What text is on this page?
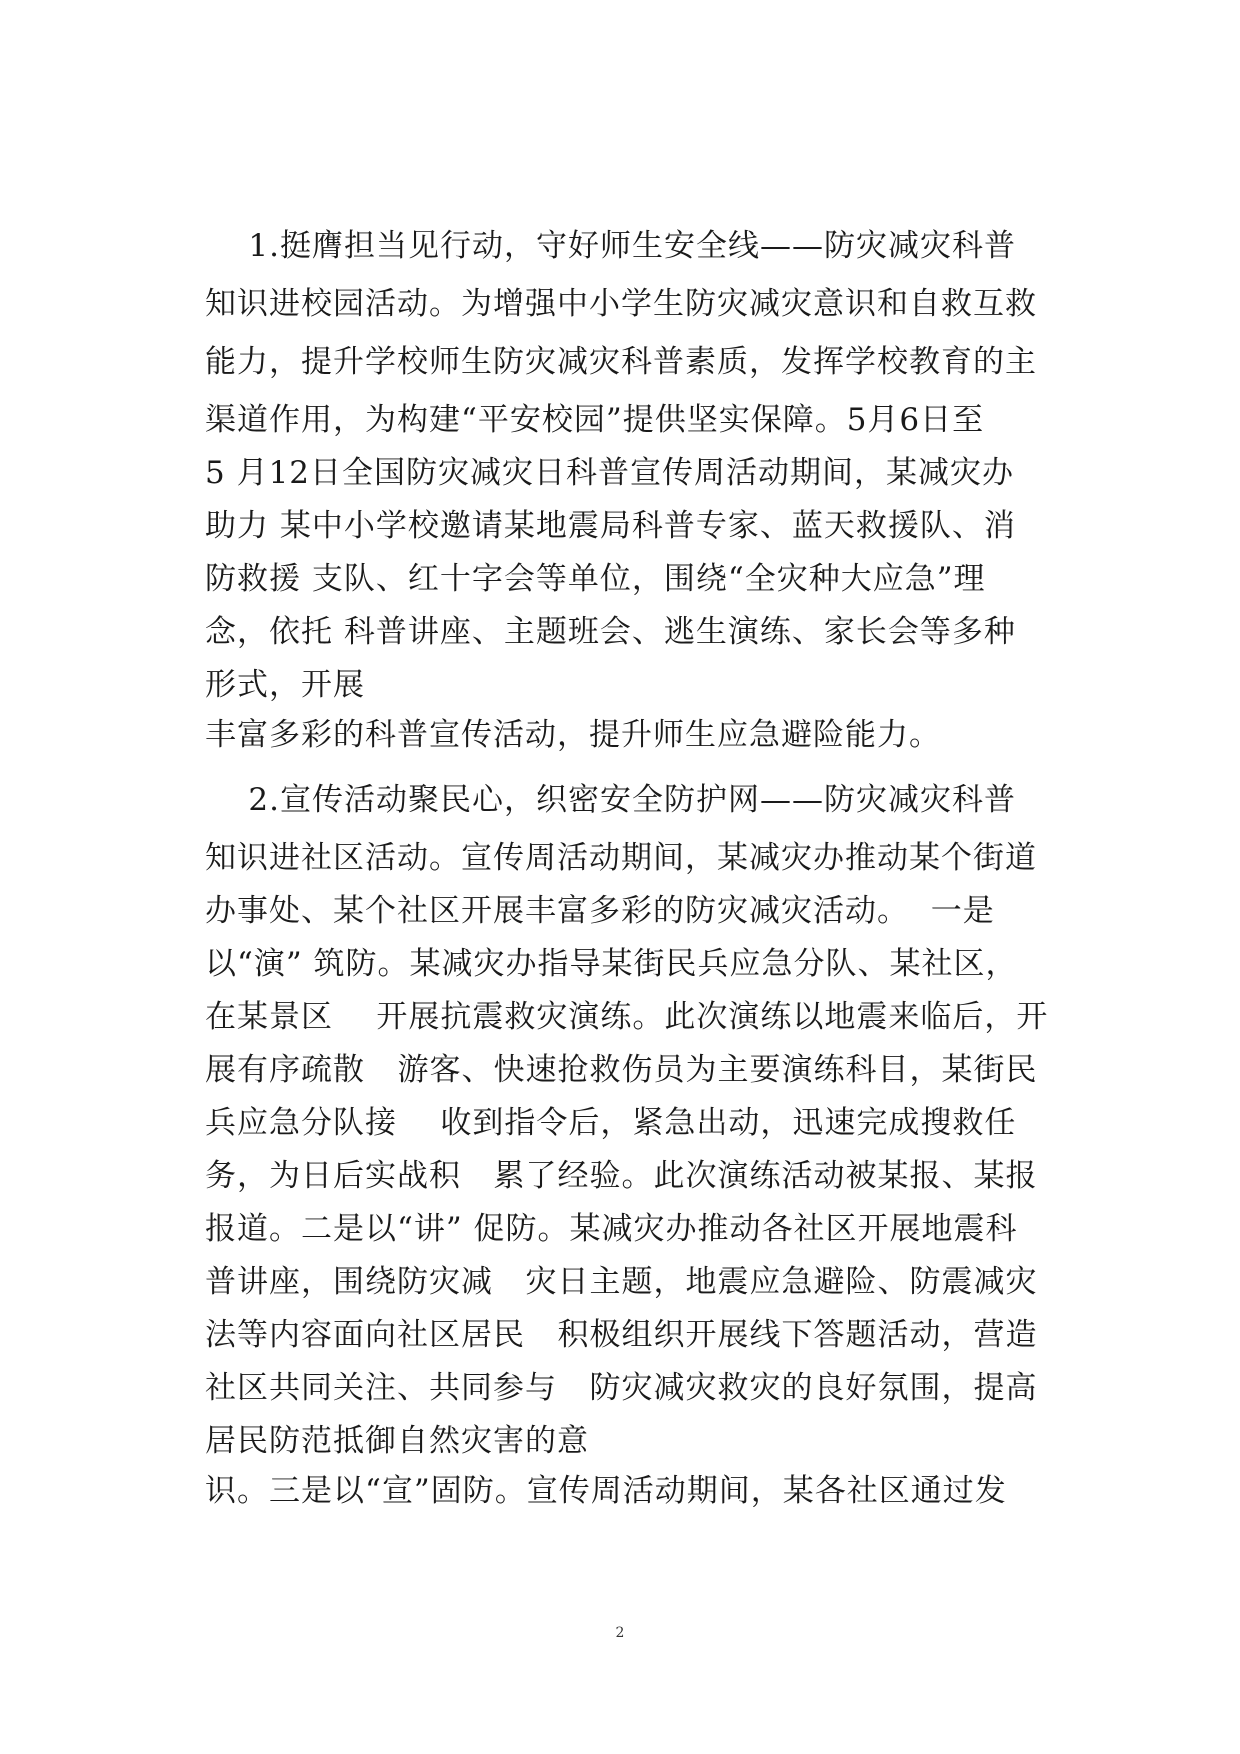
1.挺膺担当见行动，守好师生安全线——防灾减灾科普
知识进校园活动。为增强中小学生防灾减灾意识和自救互救
能力，提升学校师生防灾减灾科普素质，发挥学校教育的主
渠道作用，为构建“平安校园”提供坚实保障。5月6日至
5 月12日全国防灾减灾日科普宣传周活动期间，某减灾办
助力 某中小学校邀请某地震局科普专家、蓝天救援队、消
防救援 支队、红十字会等单位，围绕“全灾种大应急”理
念，依托 科普讲座、主题班会、逃生演练、家长会等多种
形式，开展
丰富多彩的科普宣传活动，提升师生应急避险能力。
2.宣传活动聚民心，织密安全防护网——防灾减灾科普
知识进社区活动。宣传周活动期间，某减灾办推动某个街道
办事处、某个社区开展丰富多彩的防灾减灾活动。  一是
以“演” 筑防。某减灾办指导某街民兵应急分队、某社区，
在某景区    开展抗震救灾演练。此次演练以地震来临后，开
展有序疏散   游客、快速抢救伤员为主要演练科目，某街民
兵应急分队接    收到指令后，紧急出动，迅速完成搜救任
务，为日后实战积   累了经验。此次演练活动被某报、某报
报道。二是以“讲” 促防。某减灾办推动各社区开展地震科
普讲座，围绕防灾减   灾日主题，地震应急避险、防震减灾
法等内容面向社区居民   积极组织开展线下答题活动，营造
社区共同关注、共同参与   防灾减灾救灾的良好氛围，提高
居民防范抵御自然灾害的意
识。三是以“宣”固防。宣传周活动期间，某各社区通过发
2
